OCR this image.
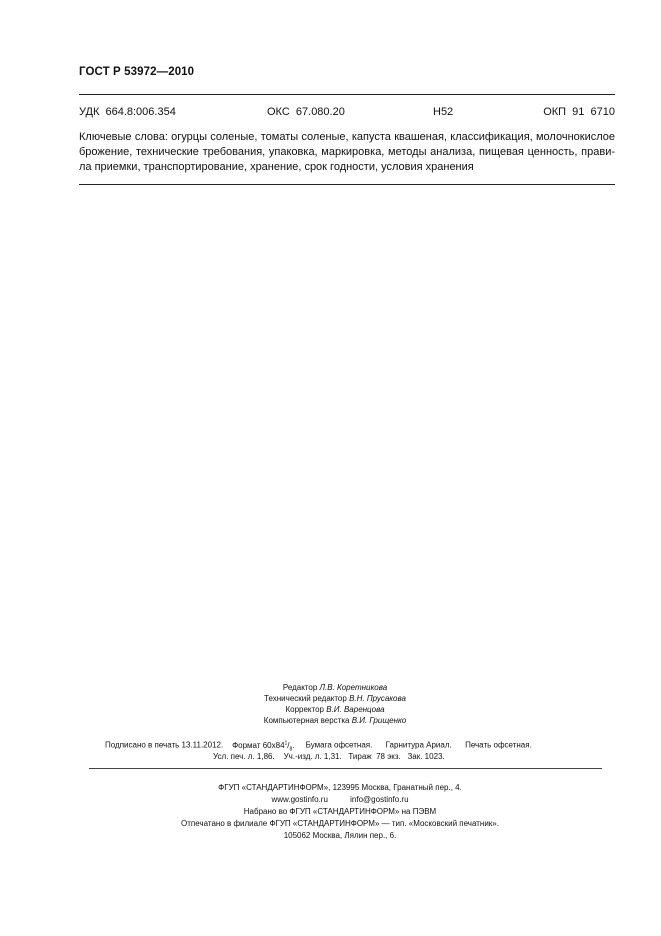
ГОСТ Р 53972—2010
УДК  664.8:006.354	ОКС  67.080.20	Н52	ОКП  91  6710
Ключевые слова: огурцы соленые, томаты соленые, капуста квашеная, классификация, молочнокислое
брожение, технические требования, упаковка, маркировка, методы анализа, пищевая ценность, прави-
ла приемки, транспортирование, хранение, срок годности, условия хранения
Редактор Л.В. Коретникова
Технический редактор В.Н. Прусакова
Корректор В.И. Варенцова
Компьютерная верстка В.И. Грищенко
Подписано в печать 13.11.2012. Формат $60х84^1/_8$. Бумага офсетная. Гарнитура Ариал. Печать офсетная.
Усл. печ. л. 1,86. Уч.-изд. л. 1,31. Тираж  78 экз. Зак. 1023.
ФГУП «СТАНДАРТИНФОРМ», 123995 Москва, Гранатный пер., 4.
www.gostinfo.ru	info@gostinfo.ru
Набрано во ФГУП «СТАНДАРТИНФОРМ» на ПЭВМ
Отпечатано в филиале ФГУП «СТАНДАРТИНФОРМ» — тип. «Московский печатник».
105062 Москва, Лялин пер., 6.
